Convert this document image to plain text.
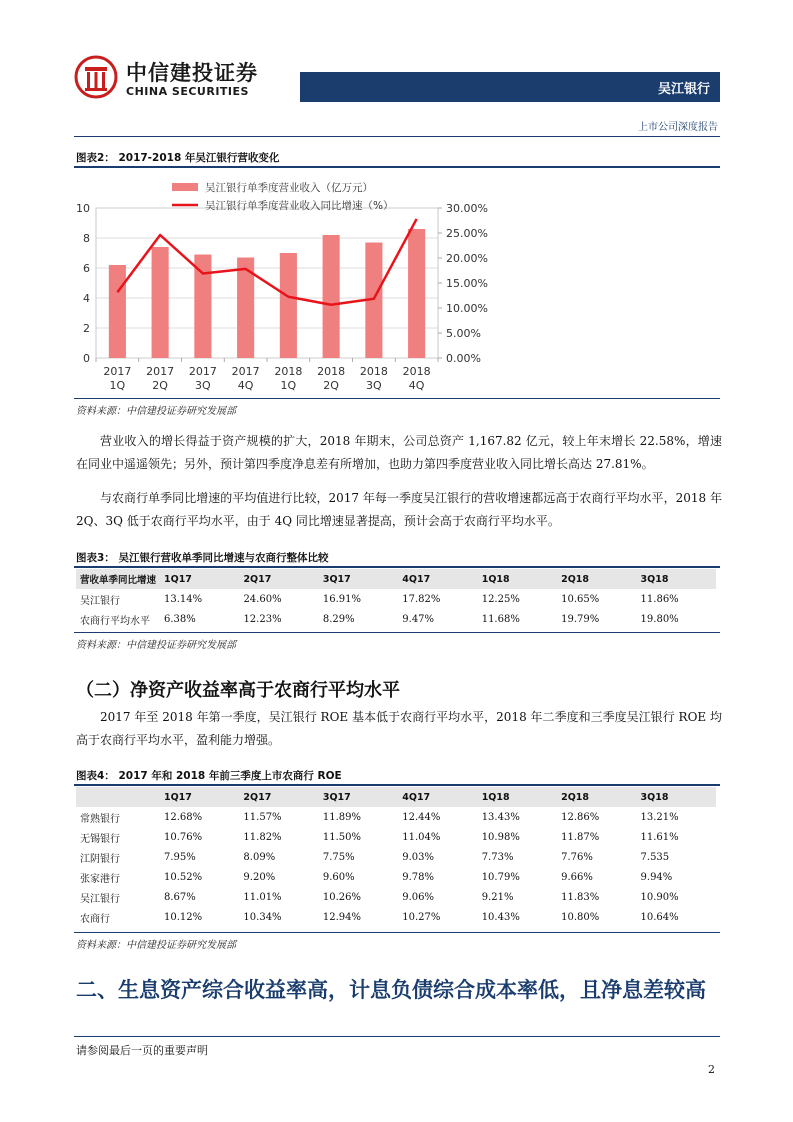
中信建投证券
CHINA SECURITIES	吴江银行
上市公司深度报告
图表2： 2017-2018 年吴江银行营收变化
0
2
4
6
8
10
0.00%
5.00%
10.00%
15.00%
20.00%
25.00%
30.00%
2017
1Q
2017
2Q
2017
3Q
2017
4Q
2018
1Q
2018
2Q
2018
3Q
2018
4Q
吴江银行单季度营业收入（亿万元）
吴江银行单季度营业收入同比增速（%）
资料来源：中信建投证券研究发展部
营业收入的增长得益于资产规模的扩大，2018 年期末，公司总资产 1,167.82 亿元，较上年末增长 22.58%，增速在同业中遥遥领先；另外，预计第四季度净息差有所增加，也助力第四季度营业收入同比增长高达 27.81%。
与农商行单季同比增速的平均值进行比较，2017 年每一季度吴江银行的营收增速都远高于农商行平均水平，2018 年 2Q、3Q 低于农商行平均水平，由于 4Q 同比增速显著提高，预计会高于农商行平均水平。
图表3： 吴江银行营收单季同比增速与农商行整体比较
营收单季同比增速	1Q17	2Q17	3Q17	4Q17	1Q18	2Q18	3Q18
吴江银行	13.14%	24.60%	16.91%	17.82%	12.25%	10.65%	11.86%
农商行平均水平	6.38%	12.23%	8.29%	9.47%	11.68%	19.79%	19.80%
资料来源：中信建投证券研究发展部
（二）净资产收益率高于农商行平均水平
2017 年至 2018 年第一季度，吴江银行 ROE 基本低于农商行平均水平，2018 年二季度和三季度吴江银行 ROE 均高于农商行平均水平，盈利能力增强。
图表4： 2017 年和 2018 年前三季度上市农商行 ROE
	1Q17	2Q17	3Q17	4Q17	1Q18	2Q18	3Q18
常熟银行	12.68%	11.57%	11.89%	12.44%	13.43%	12.86%	13.21%
无锡银行	10.76%	11.82%	11.50%	11.04%	10.98%	11.87%	11.61%
江阴银行	7.95%	8.09%	7.75%	9.03%	7.73%	7.76%	7.535
张家港行	10.52%	9.20%	9.60%	9.78%	10.79%	9.66%	9.94%
吴江银行	8.67%	11.01%	10.26%	9.06%	9.21%	11.83%	10.90%
农商行	10.12%	10.34%	12.94%	10.27%	10.43%	10.80%	10.64%
资料来源：中信建投证券研究发展部
二、生息资产综合收益率高，计息负债综合成本率低，且净息差较高
请参阅最后一页的重要声明
2
